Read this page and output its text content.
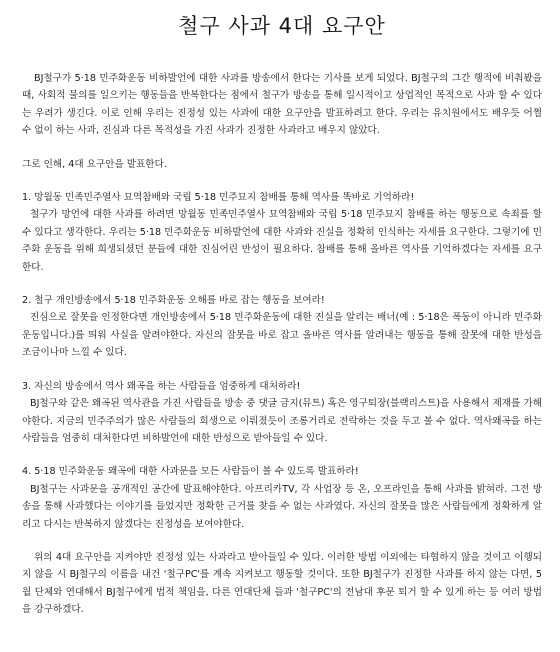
철구 사과 4대 요구안

BJ철구가 5·18 민주화운동 비하발언에 대한 사과를 방송에서 한다는 기사를 보게 되었다. BJ철구의 그간 행적에 비춰봤을 때, 사회적 물의를 일으키는 행동들을 반복한다는 점에서 철구가 방송을 통해 일시적이고 상업적인 목적으로 사과 할 수 있다는 우려가 생긴다. 이로 인해 우리는 진정성 있는 사과에 대한 요구안을 발표하려고 한다. 우리는 유치원에서도 배우듯 어쩔 수 없이 하는 사과, 진심과 다른 목적성을 가진 사과가 진정한 사과라고 배우지 않았다.

그로 인해, 4대 요구안을 발표한다.

1. 망월동 민족민주열사 묘역참배와 국립 5·18 민주묘지 참배를 통해 역사를 똑바로 기억하라!

철구가 망언에 대한 사과를 하려면 망월동 민족민주열사 묘역참배와 국립 5·18 민주묘지 참배를 하는 행동으로 속죄를 할 수 있다고 생각한다. 우리는 5·18 민주화운동 비하발언에 대한 사과와 진실을 정확히 인식하는 자세를 요구한다. 그렇기에 민주화 운동을 위해 희생되셨던 분들에 대한 진심어린 반성이 필요하다. 참배를 통해 올바른 역사를 기억하겠다는 자세를 요구한다.

2. 철구 개인방송에서 5·18 민주화운동 오해를 바로 잡는 행동을 보여라!

진심으로 잘못을 인정한다면 개인방송에서 5·18 민주화운동에 대한 진실을 알리는 배너(예 : 5·18은 폭동이 아니라 민주화운동입니다.)를 띄워 사실을 알려야한다. 자신의 잘못을 바로 잡고 올바른 역사를 알려내는 행동을 통해 잘못에 대한 반성을 조금이나마 느낄 수 있다.

3. 자신의 방송에서 역사 왜곡을 하는 사람들을 엄중하게 대처하라!

BJ철구와 같은 왜곡된 역사관을 가진 사람들을 방송 중 댓글 금지(뮤트) 혹은 영구퇴장(블랙리스트)을 사용해서 제재를 가해야한다. 지금의 민주주의가 많은 사람들의 희생으로 이뤄졌듯이 조롱거리로 전락하는 것을 두고 볼 수 없다. 역사왜곡을 하는 사람들을 엄중히 대처한다면 비하발언에 대한 반성으로 받아들일 수 있다.

4. 5·18 민주화운동 왜곡에 대한 사과문을 모든 사람들이 볼 수 있도록 발표하라!

BJ철구는 사과문을 공개적인 공간에 발표해야한다. 아프리카TV, 각 사업장 등 온, 오프라인을 통해 사과를 밝혀라. 그전 방송을 통해 사과했다는 이야기를 들었지만 정확한 근거를 찾을 수 없는 사과였다. 자신의 잘못을 많은 사람들에게 정확하게 알리고 다시는 반복하지 않겠다는 진정성을 보여야한다.

위의 4대 요구안을 지켜야만 진정성 있는 사과라고 받아들일 수 있다. 이러한 방법 이외에는 타협하지 않을 것이고 이행되지 않을 시 BJ철구의 이름을 내건 '철구PC'를 계속 지켜보고 행동할 것이다. 또한 BJ철구가 진정한 사과를 하지 않는 다면, 5월 단체와 연대해서 BJ철구에게 법적 책임을, 다른 연대단체 들과 '철구PC'의 전남대 후문 퇴거 할 수 있게 하는 등 여러 방법을 강구하겠다.
